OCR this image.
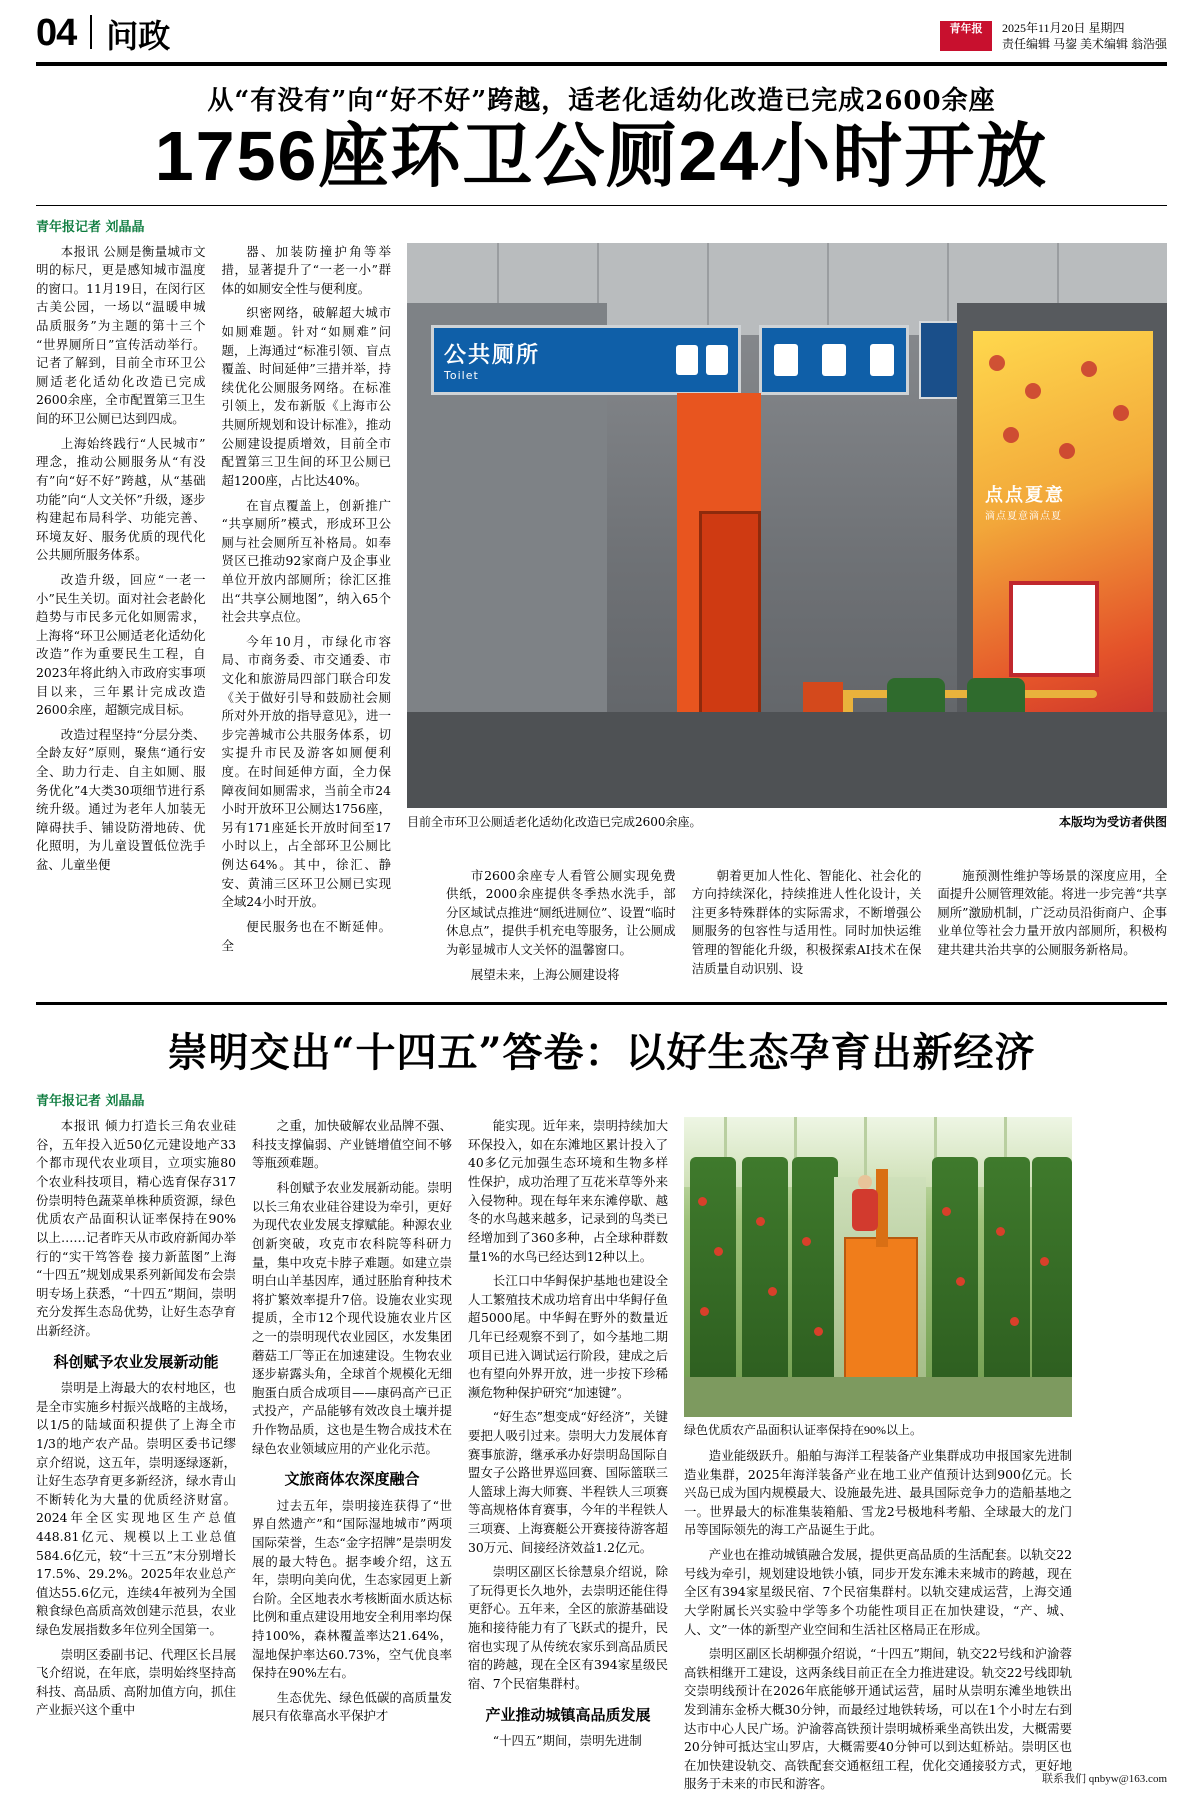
04 问政	青年报	2025年11月20日 星期四
责任编辑 马鋆 美术编辑 翁浩强
从“有没有”向“好不好”跨越，适老化适幼化改造已完成2600余座
1756座环卫公厕24小时开放
青年报记者 刘晶晶

本报讯 公厕是衡量城市文明的标尺，更是感知城市温度的窗口。11月19日，在闵行区古美公园，一场以“温暖申城 品质服务”为主题的第十三个“世界厕所日”宣传活动举行。记者了解到，目前全市环卫公厕适老化适幼化改造已完成2600余座，全市配置第三卫生间的环卫公厕已达到四成。

上海始终践行“人民城市”理念，推动公厕服务从“有没有”向“好不好”跨越，从“基础功能”向“人文关怀”升级，逐步构建起布局科学、功能完善、环境友好、服务优质的现代化公共厕所服务体系。

改造升级，回应“一老一小”民生关切。面对社会老龄化趋势与市民多元化如厕需求，上海将“环卫公厕适老化适幼化改造”作为重要民生工程，自2023年将此纳入市政府实事项目以来，三年累计完成改造2600余座，超额完成目标。

改造过程坚持“分层分类、全龄友好”原则，聚焦“通行安全、助力行走、自主如厕、服务优化”4大类30项细节进行系统升级。通过为老年人加装无障碍扶手、铺设防滑地砖、优化照明，为儿童设置低位洗手盆、儿童坐便

器、加装防撞护角等举措，显著提升了“一老一小”群体的如厕安全性与便利度。

织密网络，破解超大城市如厕难题。针对“如厕难”问题，上海通过“标准引领、盲点覆盖、时间延伸”三措并举，持续优化公厕服务网络。在标准引领上，发布新版《上海市公共厕所规划和设计标准》，推动公厕建设提质增效，目前全市配置第三卫生间的环卫公厕已超1200座，占比达40%。

在盲点覆盖上，创新推广“共享厕所”模式，形成环卫公厕与社会厕所互补格局。如奉贤区已推动92家商户及企事业单位开放内部厕所；徐汇区推出“共享公厕地图”，纳入65个社会共享点位。

今年10月，市绿化市容局、市商务委、市交通委、市文化和旅游局四部门联合印发《关于做好引导和鼓励社会厕所对外开放的指导意见》，进一步完善城市公共服务体系，切实提升市民及游客如厕便利度。在时间延伸方面，全力保障夜间如厕需求，当前全市24小时开放环卫公厕达1756座，另有171座延长开放时间至17小时以上，占全部环卫公厕比例达64%。其中，徐汇、静安、黄浦三区环卫公厕已实现全域24小时开放。

便民服务也在不断延伸。全

公共厕所
Toilet
点点夏意
滴点夏意滴点夏
目前全市环卫公厕适老化适幼化改造已完成2600余座。	本版均为受访者供图

市2600余座专人看管公厕实现免费供纸，2000余座提供冬季热水洗手，部分区域试点推进“厕纸进厕位”、设置“临时休息点”，提供手机充电等服务，让公厕成为彰显城市人文关怀的温馨窗口。

展望未来，上海公厕建设将

朝着更加人性化、智能化、社会化的方向持续深化，持续推进人性化设计，关注更多特殊群体的实际需求，不断增强公厕服务的包容性与适用性。同时加快运维管理的智能化升级，积极探索AI技术在保洁质量自动识别、设

施预测性维护等场景的深度应用，全面提升公厕管理效能。将进一步完善“共享厕所”激励机制，广泛动员沿街商户、企事业单位等社会力量开放内部厕所，积极构建共建共治共享的公厕服务新格局。

崇明交出“十四五”答卷：以好生态孕育出新经济
青年报记者 刘晶晶

本报讯 倾力打造长三角农业硅谷，五年投入近50亿元建设地产33个都市现代农业项目，立项实施80个农业科技项目，精心选育保存317份崇明特色蔬菜单株种质资源，绿色优质农产品面积认证率保持在90%以上……记者昨天从市政府新闻办举行的“实干笃答卷 接力新蓝图”上海“十四五”规划成果系列新闻发布会崇明专场上获悉，“十四五”期间，崇明充分发挥生态岛优势，让好生态孕育出新经济。

科创赋予农业发展新动能

崇明是上海最大的农村地区，也是全市实施乡村振兴战略的主战场，以1/5的陆域面积提供了上海全市1/3的地产农产品。崇明区委书记缪京介绍说，这五年，崇明逐绿逐新，让好生态孕育更多新经济，绿水青山不断转化为大量的优质经济财富。2024年全区实现地区生产总值448.81亿元、规模以上工业总值584.6亿元，较“十三五”末分别增长17.5%、29.2%。2025年农业总产值达55.6亿元，连续4年被列为全国粮食绿色高质高效创建示范县，农业绿色发展指数多年位列全国第一。

崇明区委副书记、代理区长吕展飞介绍说，在年底，崇明始终坚持高科技、高品质、高附加值方向，抓住产业振兴这个重中

之重，加快破解农业品牌不强、科技支撑偏弱、产业链增值空间不够等瓶颈难题。

科创赋予农业发展新动能。崇明以长三角农业硅谷建设为牵引，更好为现代农业发展支撑赋能。种源农业创新突破，攻克市农科院等科研力量，集中攻克卡脖子难题。如建立崇明白山羊基因库，通过胚胎育种技术将扩繁效率提升7倍。设施农业实现提质，全市12个现代设施农业片区之一的崇明现代农业园区，水发集团蘑菇工厂等正在加速建设。生物农业逐步崭露头角，全球首个规模化无细胞蛋白质合成项目——康码高产已正式投产，产品能够有效改良土壤并提升作物品质，这也是生物合成技术在绿色农业领域应用的产业化示范。

文旅商体农深度融合

过去五年，崇明接连获得了“世界自然遗产”和“国际湿地城市”两项国际荣誉，生态“金字招牌”是崇明发展的最大特色。据李峻介绍，这五年，崇明向美向优，生态家园更上新台阶。全区地表水考核断面水质达标比例和重点建设用地安全利用率均保持100%，森林覆盖率达21.64%，湿地保护率达60.73%，空气优良率保持在90%左右。

生态优先、绿色低碳的高质量发展只有依靠高水平保护才

能实现。近年来，崇明持续加大环保投入，如在东滩地区累计投入了40多亿元加强生态环境和生物多样性保护，成功治理了互花米草等外来入侵物种。现在每年来东滩停歇、越冬的水鸟越来越多，记录到的鸟类已经增加到了360多种，占全球种群数量1%的水鸟已经达到12种以上。

长江口中华鲟保护基地也建设全人工繁殖技术成功培育出中华鲟仔鱼超5000尾。中华鲟在野外的数量近几年已经观察不到了，如今基地二期项目已进入调试运行阶段，建成之后也有望向外界开放，进一步按下珍稀濒危物种保护研究“加速键”。

“好生态”想变成“好经济”，关键要把人吸引过来。崇明大力发展体育赛事旅游，继承承办好崇明岛国际自盟女子公路世界巡回赛、国际篮联三人篮球上海大师赛、半程铁人三项赛等高规格体育赛事，今年的半程铁人三项赛、上海赛艇公开赛接待游客超30万元、间接经济效益1.2亿元。

崇明区副区长徐慧泉介绍说，除了玩得更长久地外，去崇明还能住得更舒心。五年来，全区的旅游基础设施和接待能力有了飞跃式的提升，民宿也实现了从传统农家乐到高品质民宿的跨越，现在全区有394家星级民宿、7个民宿集群村。

产业推动城镇高品质发展

“十四五”期间，崇明先进制

绿色优质农产品面积认证率保持在90%以上。

造业能级跃升。船舶与海洋工程装备产业集群成功申报国家先进制造业集群，2025年海洋装备产业在地工业产值预计达到900亿元。长兴岛已成为国内规模最大、设施最先进、最具国际竞争力的造船基地之一。世界最大的标准集装箱船、雪龙2号极地科考船、全球最大的龙门吊等国际领先的海工产品诞生于此。

产业也在推动城镇融合发展，提供更高品质的生活配套。以轨交22号线为牵引，规划建设地铁小镇，同步开发东滩未来城市的跨越，现在全区有394家星级民宿、7个民宿集群村。以轨交建成运营，上海交通大学附属长兴实验中学等多个功能性项目正在加快建设，“产、城、人、文”一体的新型产业空间和生活社区格局正在形成。

崇明区副区长胡柳强介绍说，“十四五”期间，轨交22号线和沪渝蓉高铁相继开工建设，这两条线目前正在全力推进建设。轨交22号线即轨交崇明线预计在2026年底能够开通试运营，届时从崇明东滩坐地铁出发到浦东金桥大概30分钟，而最经过地铁转场，可以在1个小时左右到达市中心人民广场。沪渝蓉高铁预计崇明城桥乘坐高铁出发，大概需要20分钟可抵达宝山罗店，大概需要40分钟可以到达虹桥站。崇明区也在加快建设轨交、高铁配套交通枢纽工程，优化交通接驳方式，更好地服务于未来的市民和游客。	联系我们 qnbyw@163.com
